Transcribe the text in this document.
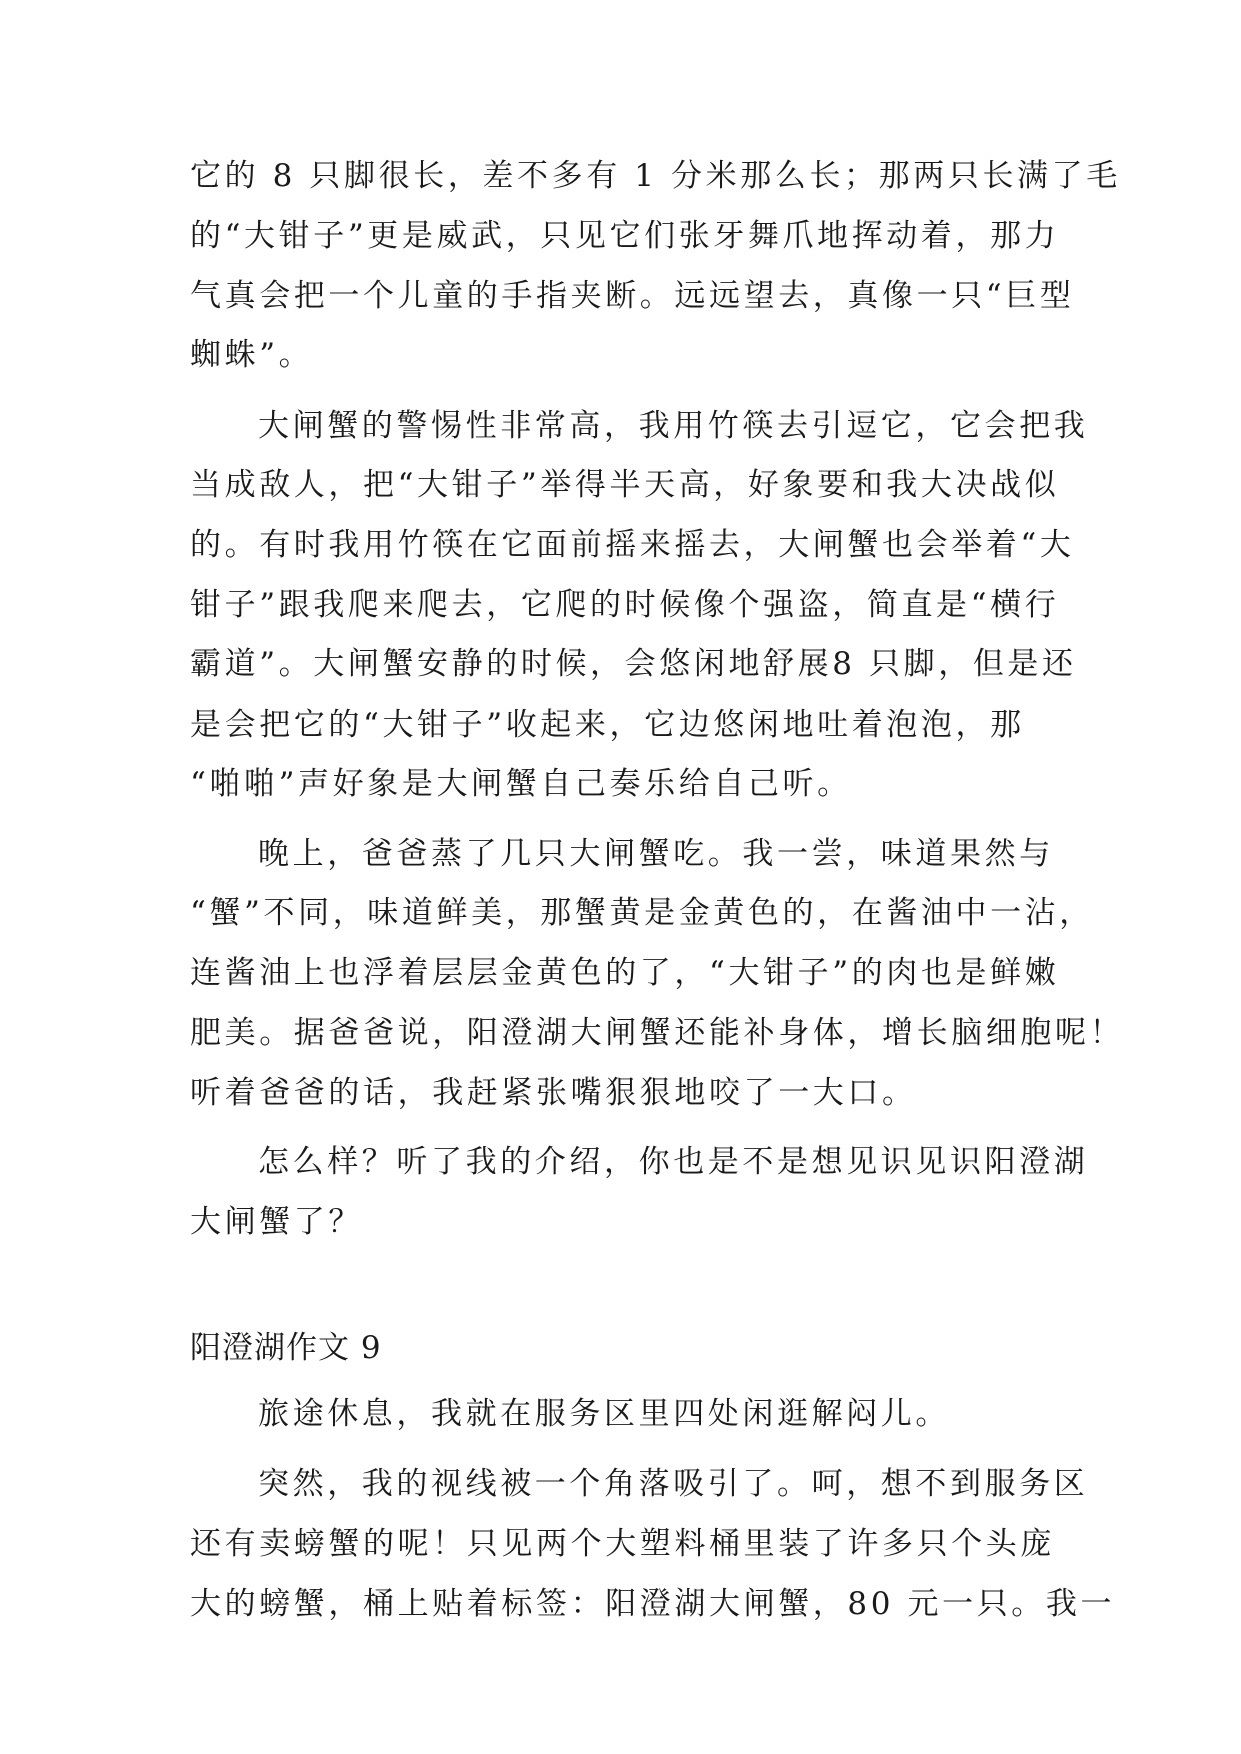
它的 8 只脚很长，差不多有 1 分米那么长；那两只长满了毛
的“大钳子”更是威武，只见它们张牙舞爪地挥动着，那力
气真会把一个儿童的手指夹断。远远望去，真像一只“巨型
蜘蛛”。
大闸蟹的警惕性非常高，我用竹筷去引逗它，它会把我
当成敌人，把“大钳子”举得半天高，好象要和我大决战似
的。有时我用竹筷在它面前摇来摇去，大闸蟹也会举着“大
钳子”跟我爬来爬去，它爬的时候像个强盗，简直是“横行
霸道”。大闸蟹安静的时候，会悠闲地舒展8 只脚，但是还
是会把它的“大钳子”收起来，它边悠闲地吐着泡泡，那
“啪啪”声好象是大闸蟹自己奏乐给自己听。
晚上，爸爸蒸了几只大闸蟹吃。我一尝，味道果然与
“蟹”不同，味道鲜美，那蟹黄是金黄色的，在酱油中一沾，
连酱油上也浮着层层金黄色的了，“大钳子”的肉也是鲜嫩
肥美。据爸爸说，阳澄湖大闸蟹还能补身体，增长脑细胞呢！
听着爸爸的话，我赶紧张嘴狠狠地咬了一大口。
怎么样？听了我的介绍，你也是不是想见识见识阳澄湖
大闸蟹了？
阳澄湖作文 9
旅途休息，我就在服务区里四处闲逛解闷儿。
突然，我的视线被一个角落吸引了。呵，想不到服务区
还有卖螃蟹的呢！只见两个大塑料桶里装了许多只个头庞
大的螃蟹，桶上贴着标签：阳澄湖大闸蟹，80 元一只。我一
